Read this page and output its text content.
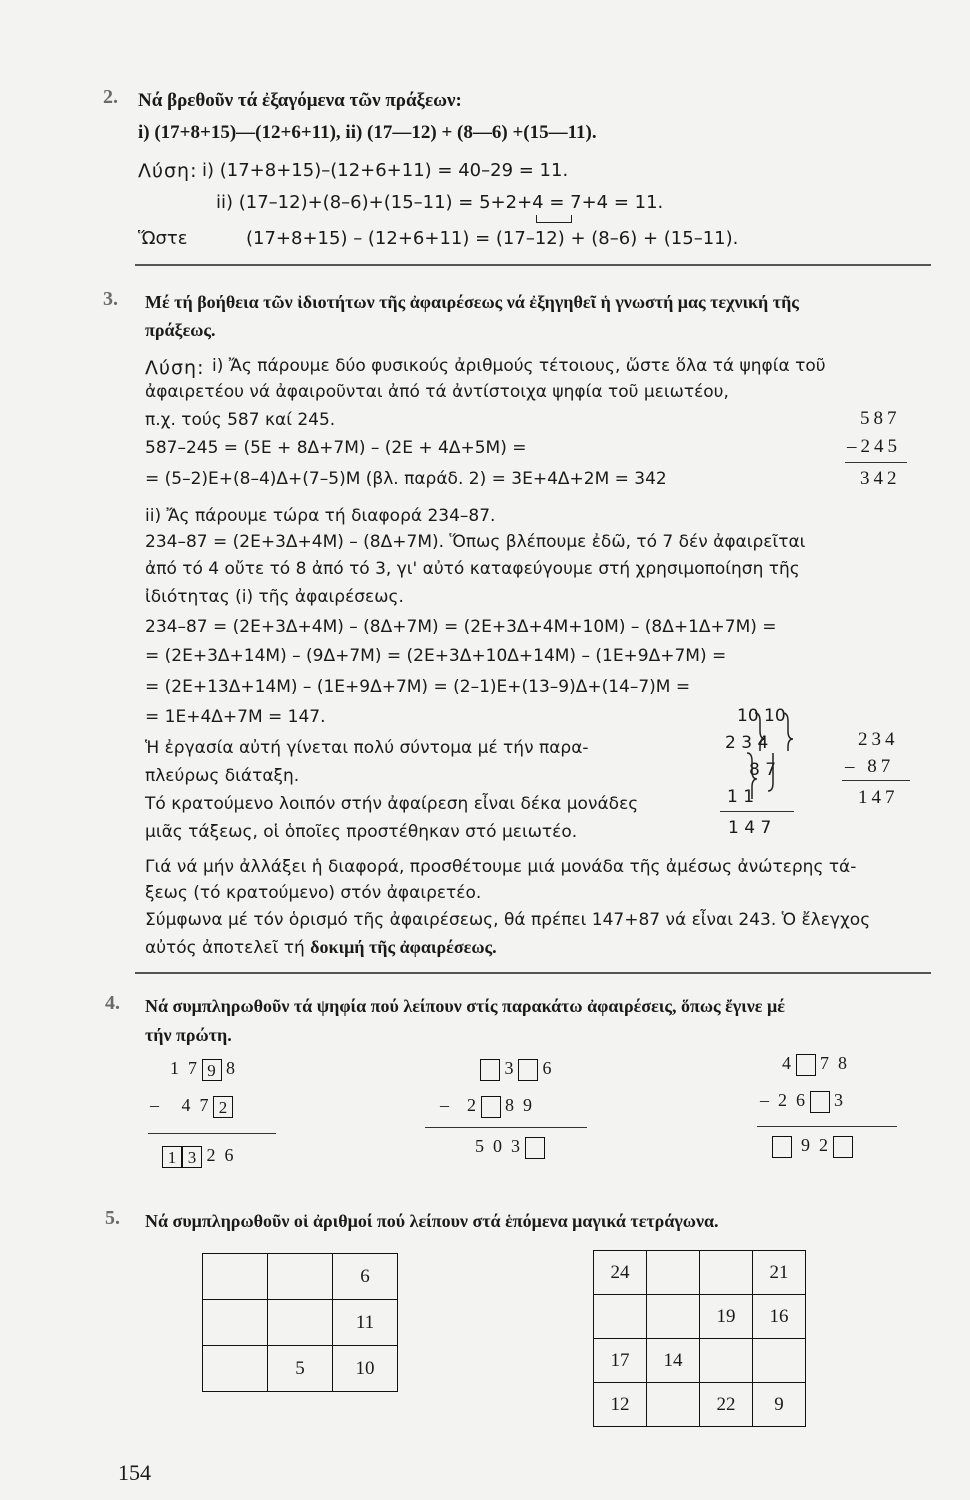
2. Νά βρεθοῦν τά ἐξαγόμενα τῶν πράξεων:
i) (17+8+15)—(12+6+11), ii) (17—12) + (8—6) +(15—11).
Λύση: i) (17+8+15)–(12+6+11) = 40–29 = 11.
ii) (17–12)+(8–6)+(15–11) = 5+2+4 = 7+4 = 11.
Ὥστε	(17+8+15) – (12+6+11) = (17–12) + (8–6) + (15–11).
3. Μέ τή βοήθεια τῶν ἰδιοτήτων τῆς ἀφαιρέσεως νά ἐξηγηθεῖ ἡ γνωστή μας τεχνική τῆς
πράξεως.
Λύση: i) Ἄς πάρουμε δύο φυσικούς ἀριθμούς τέτοιους, ὥστε ὅλα τά ψηφία τοῦ
ἀφαιρετέου νά ἀφαιροῦνται ἀπό τά ἀντίστοιχα ψηφία τοῦ μειωτέου,
π.χ. τούς 587 καί 245.
587–245 = (5Ε + 8Δ+7Μ) – (2Ε + 4Δ+5Μ) =
= (5–2)Ε+(8–4)Δ+(7–5)Μ (βλ. παράδ. 2) = 3Ε+4Δ+2Μ = 342
587
–245
342
ii) Ἄς πάρουμε τώρα τή διαφορά 234–87.
234–87 = (2Ε+3Δ+4Μ) – (8Δ+7Μ). Ὅπως βλέπουμε ἐδῶ, τό 7 δέν ἀφαιρεῖται
ἀπό τό 4 οὔτε τό 8 ἀπό τό 3, γι' αὐτό καταφεύγουμε στή χρησιμοποίηση τῆς
ἰδιότητας (i) τῆς ἀφαιρέσεως.
234–87 = (2Ε+3Δ+4Μ) – (8Δ+7Μ) = (2Ε+3Δ+4Μ+10Μ) – (8Δ+1Δ+7Μ) =
= (2Ε+3Δ+14Μ) – (9Δ+7Μ) = (2Ε+3Δ+10Δ+14Μ) – (1Ε+9Δ+7Μ) =
= (2Ε+13Δ+14Μ) – (1Ε+9Δ+7Μ) = (2–1)Ε+(13–9)Δ+(14–7)Μ =
= 1Ε+4Δ+7Μ = 147.
Ἡ ἐργασία αὐτή γίνεται πολύ σύντομα μέ τήν παρα-
πλεύρως διάταξη.
Τό κρατούμενο λοιπόν στήν ἀφαίρεση εἶναι δέκα μονάδες
μιᾶς τάξεως, οἱ ὁποῖες προστέθηκαν στό μειωτέο.
10 10
2 3 4
8 7
1 1
1 4 7
234
– 87
147
Γιά νά μήν ἀλλάξει ἡ διαφορά, προσθέτουμε μιά μονάδα τῆς ἀμέσως ἀνώτερης τά-
ξεως (τό κρατούμενο) στόν ἀφαιρετέο.
Σύμφωνα μέ τόν ὁρισμό τῆς ἀφαιρέσεως, θά πρέπει 147+87 νά εἶναι 243. Ὁ ἔλεγχος
αὐτός ἀποτελεῖ τή δοκιμή τῆς ἀφαιρέσεως.
4. Νά συμπληρωθοῦν τά ψηφία πού λείπουν στίς παρακάτω ἀφαιρέσεις, ὅπως ἔγινε μέ
τήν πρώτη.
1 7 9 8
– 4 7 2
1 3 2 6
3 6
– 2 8 9
5 0 3
4 7 8
– 2 6 3
9 2
5. Νά συμπληρωθοῦν οἱ ἀριθμοί πού λείπουν στά ἑπόμενα μαγικά τετράγωνα.
		6
		11
	5	10
24			21
		19	16
17	14		
12		22	9
154
